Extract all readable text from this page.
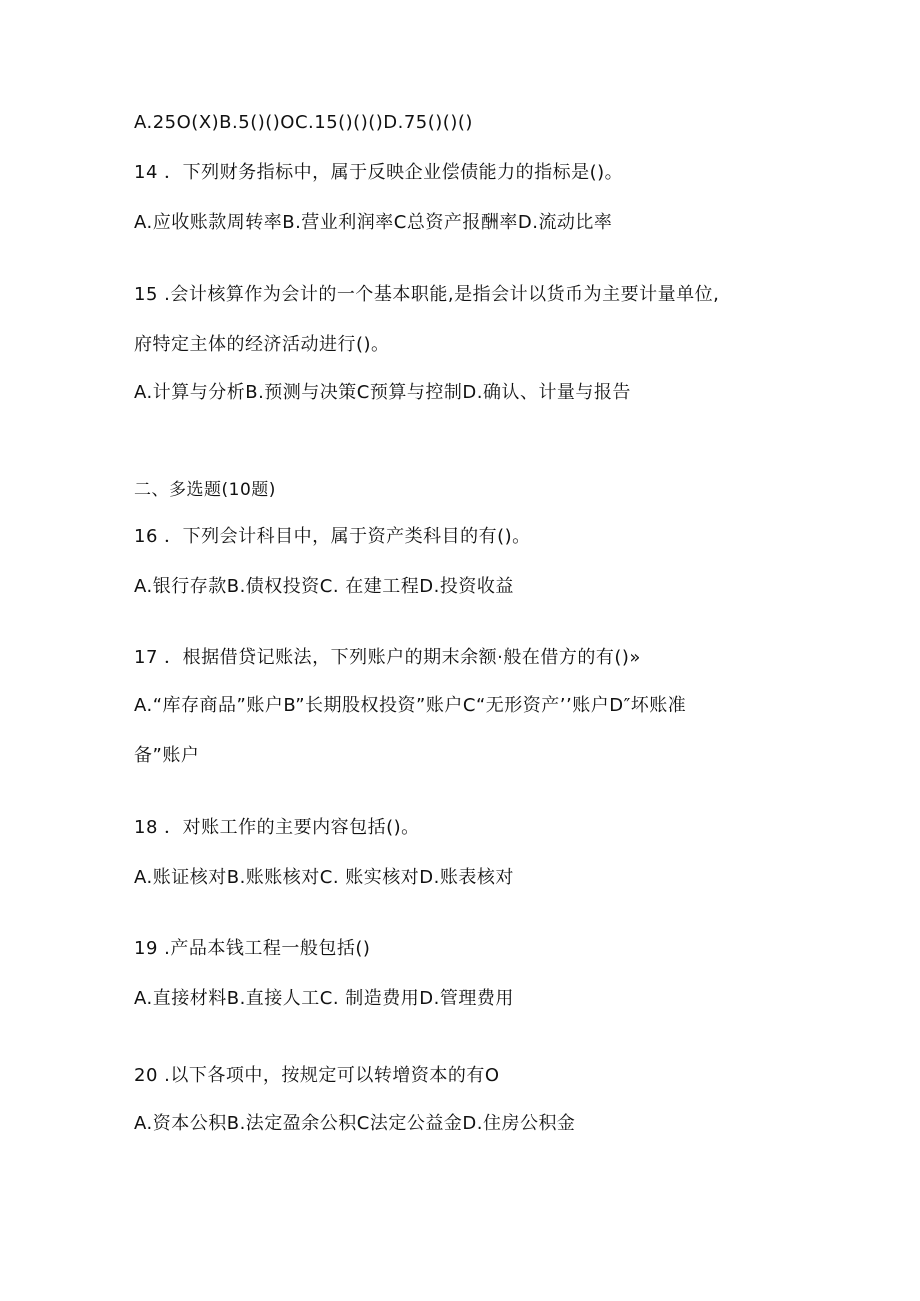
A.25O(X)B.5()()OC.15()()()D.75()()()
14 ．下列财务指标中，属于反映企业偿债能力的指标是()。
A.应收账款周转率B.营业利润率C总资产报酬率D.流动比率
15 .会计核算作为会计的一个基本职能,是指会计以货币为主要计量单位,
府特定主体的经济活动进行()。
A.计算与分析B.预测与决策C预算与控制D.确认、计量与报告
二、多选题(10题)
16 ．下列会计科目中，属于资产类科目的有()。
A.银行存款B.债权投资C. 在建工程D.投资收益
17 ．根据借贷记账法，下列账户的期末余额·般在借方的有()»
A.“库存商品”账户B”长期股权投资”账户C“无形资产’’账户D″坏账准
备”账户
18 ．对账工作的主要内容包括()。
A.账证核对B.账账核对C. 账实核对D.账表核对
19 .产品本钱工程一般包括()
A.直接材料B.直接人工C. 制造费用D.管理费用
20 .以下各项中，按规定可以转增资本的有O
A.资本公积B.法定盈余公积C法定公益金D.住房公积金
